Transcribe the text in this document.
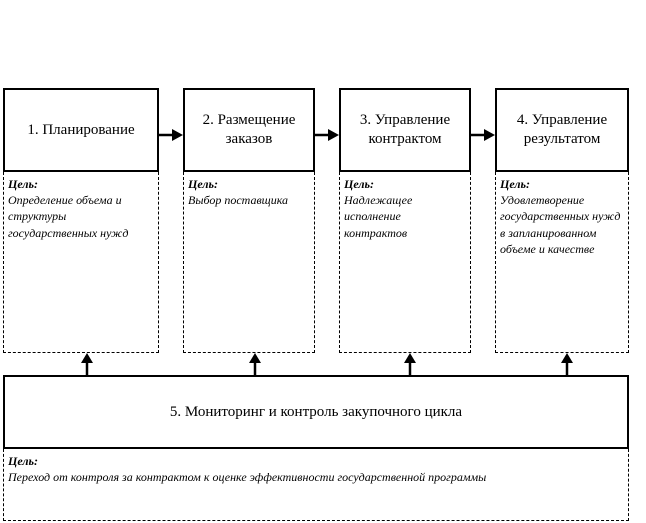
1. Планирование
2. Размещение заказов
3. Управление контрактом
4. Управление результатом
Цель:
Определение объема и структуры государственных нужд
Цель:
Выбор поставщика
Цель:
Надлежащее исполнение контрактов
Цель:
Удовлетворение государственных нужд в запланированном объеме и качестве
5. Мониторинг и контроль закупочного цикла
Цель:
Переход от контроля за контрактом к оценке эффективности государственной программы
